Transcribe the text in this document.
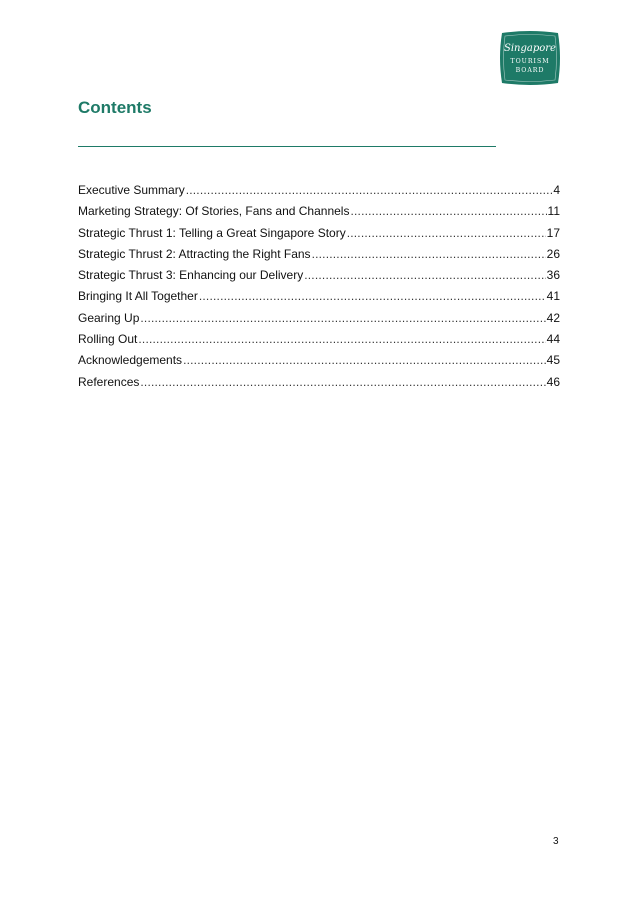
Singapore
TOURISM
BOARD
Contents
Executive Summary .....	4
Marketing Strategy: Of Stories, Fans and Channels .....	11
Strategic Thrust 1: Telling a Great Singapore Story .....	17
Strategic Thrust 2: Attracting the Right Fans .....	26
Strategic Thrust 3: Enhancing our Delivery .....	36
Bringing It All Together .....	41
Gearing Up .....	42
Rolling Out .....	44
Acknowledgements .....	45
References .....	46
3
